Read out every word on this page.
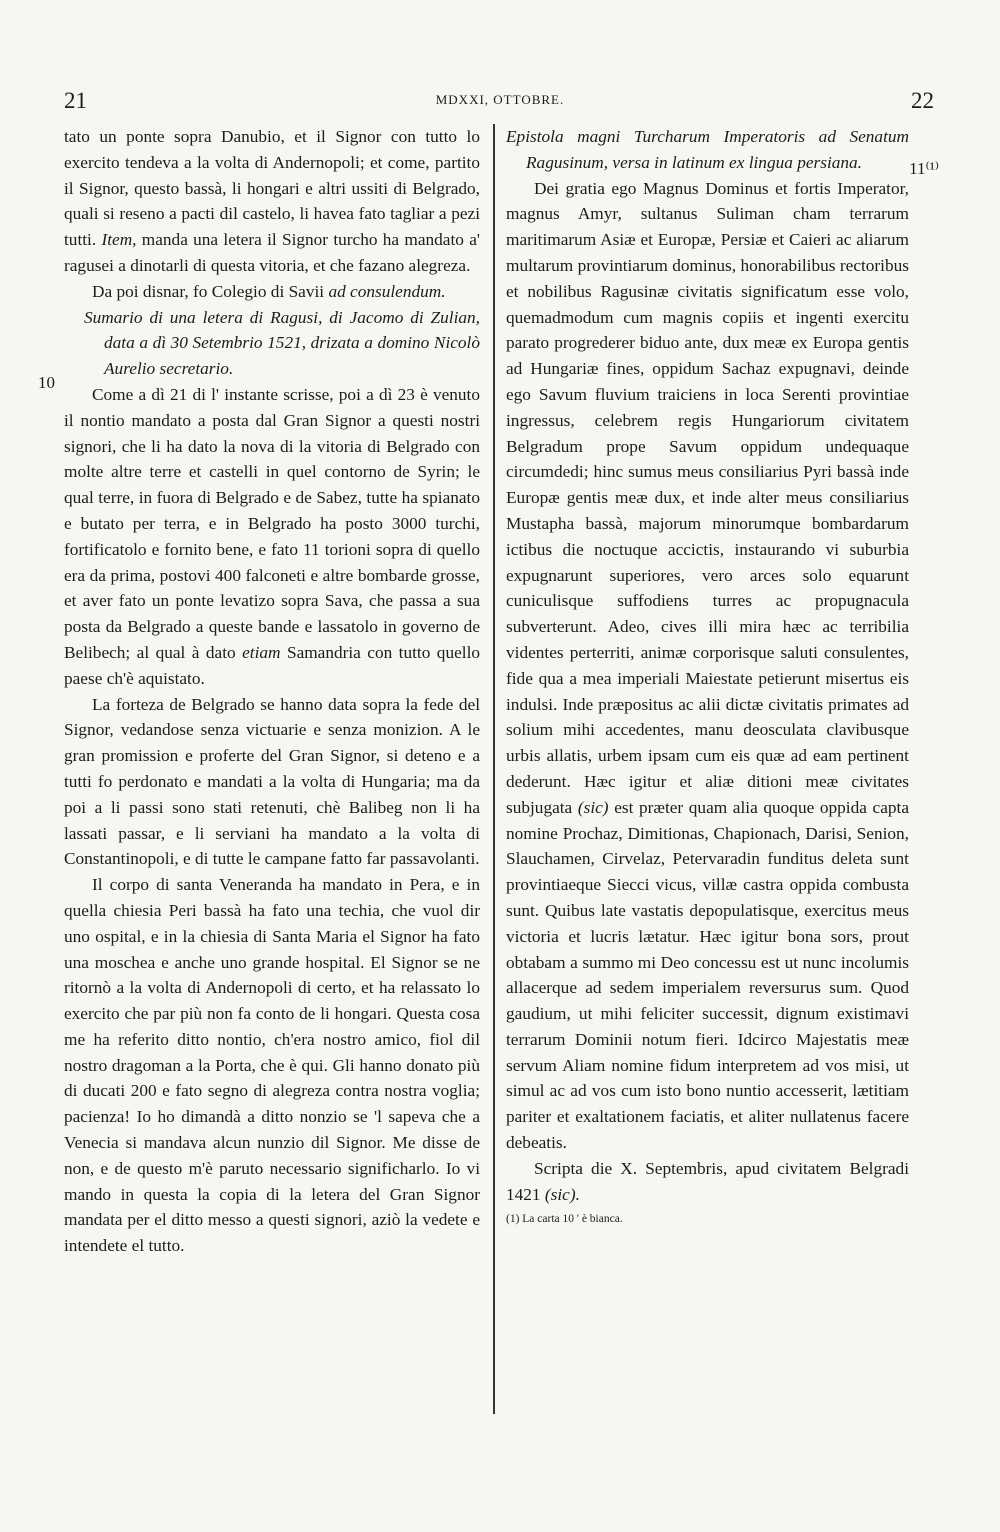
21	MDXXI, OTTOBRE.	22

tato un ponte sopra Danubio, et il Signor con tutto lo exercito tendeva a la volta di Andernopoli; et come, partito il Signor, questo bassà, li hongari e altri ussiti di Belgrado, quali si reseno a pacti dil castelo, li havea fato tagliar a pezi tutti. Item, manda una letera il Signor turcho ha mandato a' ragusei a dinotarli di questa vitoria, et che fazano alegreza.

Da poi disnar, fo Colegio di Savii ad consulendum.

10

Sumario di una letera di Ragusi, di Jacomo di Zulian, data a dì 30 Setembrio 1521, drizata a domino Nicolò Aurelio secretario.

Come a dì 21 di l' instante scrisse, poi a dì 23 è venuto il nontio mandato a posta dal Gran Signor a questi nostri signori, che li ha dato la nova di la vitoria di Belgrado con molte altre terre et castelli in quel contorno de Syrin; le qual terre, in fuora di Belgrado e de Sabez, tutte ha spianato e butato per terra, e in Belgrado ha posto 3000 turchi, fortificatolo e fornito bene, e fato 11 torioni sopra di quello era da prima, postovi 400 falconeti e altre bombarde grosse, et aver fato un ponte levatizo sopra Sava, che passa a sua posta da Belgrado a queste bande e lassatolo in governo de Belibech; al qual à dato etiam Samandria con tutto quello paese ch'è aquistato.

La forteza de Belgrado se hanno data sopra la fede del Signor, vedandose senza victuarie e senza monizion. A le gran promission e proferte del Gran Signor, si deteno e a tutti fo perdonato e mandati a la volta di Hungaria; ma da poi a li passi sono stati retenuti, chè Balibeg non li ha lassati passar, e li serviani ha mandato a la volta di Constantinopoli, e di tutte le campane fatto far passavolanti.

Il corpo di santa Veneranda ha mandato in Pera, e in quella chiesia Peri bassà ha fato una techia, che vuol dir uno ospital, e in la chiesia di Santa Maria el Signor ha fato una moschea e anche uno grande hospital. El Signor se ne ritornò a la volta di Andernopoli di certo, et ha relassato lo exercito che par più non fa conto de li hongari. Questa cosa me ha referito ditto nontio, ch'era nostro amico, fiol dil nostro dragoman a la Porta, che è qui. Gli hanno donato più di ducati 200 e fato segno di alegreza contra nostra voglia; pacienza! Io ho dimandà a ditto nonzio se 'l sapeva che a Venecia si mandava alcun nunzio dil Signor. Me disse de non, e de questo m'è paruto necessario significharlo. Io vi mando in questa la copia di la letera del Gran Signor mandata per el ditto messo a questi signori, aziò la vedete e intendete el tutto.

11⁽¹⁾

Epistola magni Turcharum Imperatoris ad Senatum Ragusinum, versa in latinum ex lingua persiana.

Dei gratia ego Magnus Dominus et fortis Imperator, magnus Amyr, sultanus Suliman cham terrarum maritimarum Asiæ et Europæ, Persiæ et Caieri ac aliarum multarum provintiarum dominus, honorabilibus rectoribus et nobilibus Ragusinæ civitatis significatum esse volo, quemadmodum cum magnis copiis et ingenti exercitu parato progrederer biduo ante, dux meæ ex Europa gentis ad Hungariæ fines, oppidum Sachaz expugnavi, deinde ego Savum fluvium traiciens in loca Serenti provintiae ingressus, celebrem regis Hungariorum civitatem Belgradum prope Savum oppidum undequaque circumdedi; hinc sumus meus consiliarius Pyri bassà inde Europæ gentis meæ dux, et inde alter meus consiliarius Mustapha bassà, majorum minorumque bombardarum ictibus die noctuque accictis, instaurando vi suburbia expugnarunt superiores, vero arces solo equarunt cuniculisque suffodiens turres ac propugnacula subverterunt. Adeo, cives illi mira hæc ac terribilia videntes perterriti, animæ corporisque saluti consulentes, fide qua a mea imperiali Maiestate petierunt misertus eis indulsi. Inde præpositus ac alii dictæ civitatis primates ad solium mihi accedentes, manu deosculata clavibusque urbis allatis, urbem ipsam cum eis quæ ad eam pertinent dederunt. Hæc igitur et aliæ ditioni meæ civitates subjugata (sic) est præter quam alia quoque oppida capta nomine Prochaz, Dimitionas, Chapionach, Darisi, Senion, Slauchamen, Cirvelaz, Petervaradin funditus deleta sunt provintiaeque Siecci vicus, villæ castra oppida combusta sunt. Quibus late vastatis depopulatisque, exercitus meus victoria et lucris lætatur. Hæc igitur bona sors, prout obtabam a summo mi Deo concessu est ut nunc incolumis allacerque ad sedem imperialem reversurus sum. Quod gaudium, ut mihi feliciter successit, dignum existimavi terrarum Dominii notum fieri. Idcirco Majestatis meæ servum Aliam nomine fidum interpretem ad vos misi, ut simul ac ad vos cum isto bono nuntio accesserit, lætitiam pariter et exaltationem faciatis, et aliter nullatenus facere debeatis.

Scripta die X. Septembris, apud civitatem Belgradi 1421 (sic).

(1) La carta 10 ' è bianca.
